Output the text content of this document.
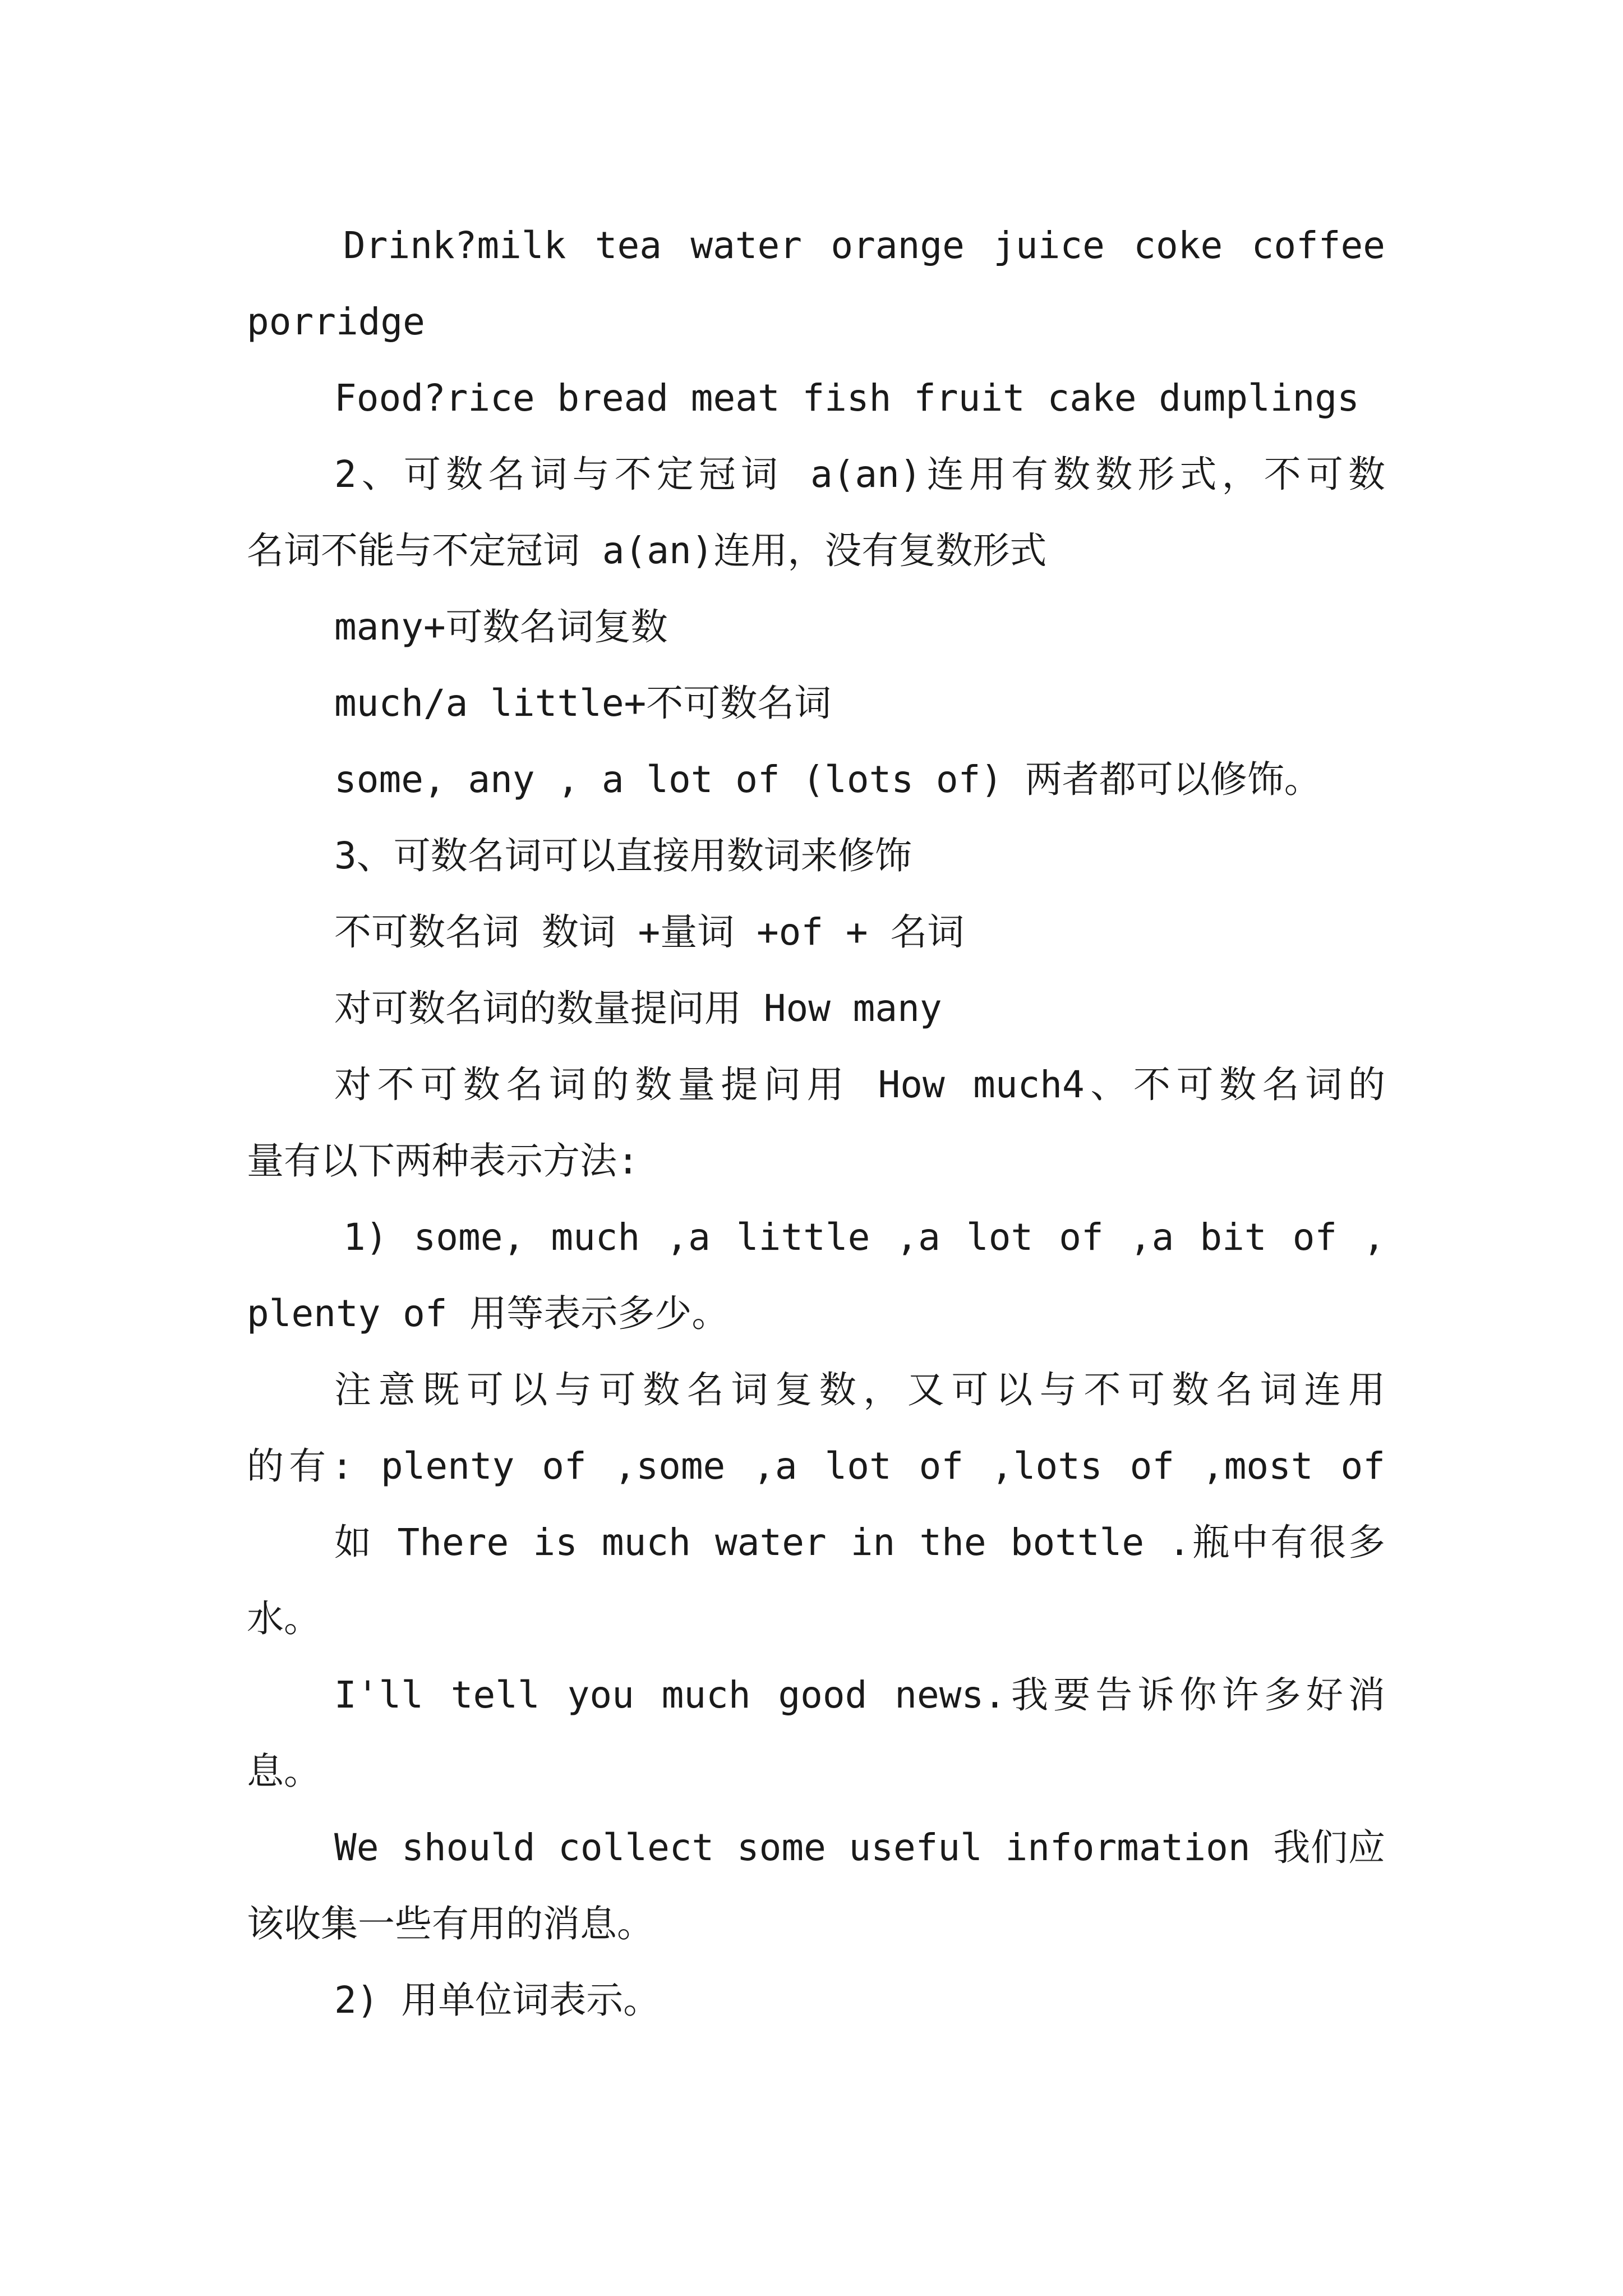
Drink?milk tea water orange juice coke coffee
porridge
Food?rice bread meat fish fruit cake dumplings
2、可数名词与不定冠词 a(an)连用有数数形式，不可数
名词不能与不定冠词 a(an)连用，没有复数形式
many+可数名词复数
much/a little+不可数名词
some, any , a lot of (lots of) 两者都可以修饰。
3、可数名词可以直接用数词来修饰
不可数名词 数词 +量词 +of + 名词
对可数名词的数量提问用 How many
对不可数名词的数量提问用 How much4、不可数名词的
量有以下两种表示方法:
1) some, much ,a little ,a lot of ,a bit of ,
plenty of 用等表示多少。
注意既可以与可数名词复数，又可以与不可数名词连用
的有: plenty of ,some ,a lot of ,lots of ,most of
如 There is much water in the bottle .瓶中有很多
水。
I'll tell you much good news.我要告诉你许多好消
息。
We should collect some useful information 我们应
该收集一些有用的消息。
2) 用单位词表示。
